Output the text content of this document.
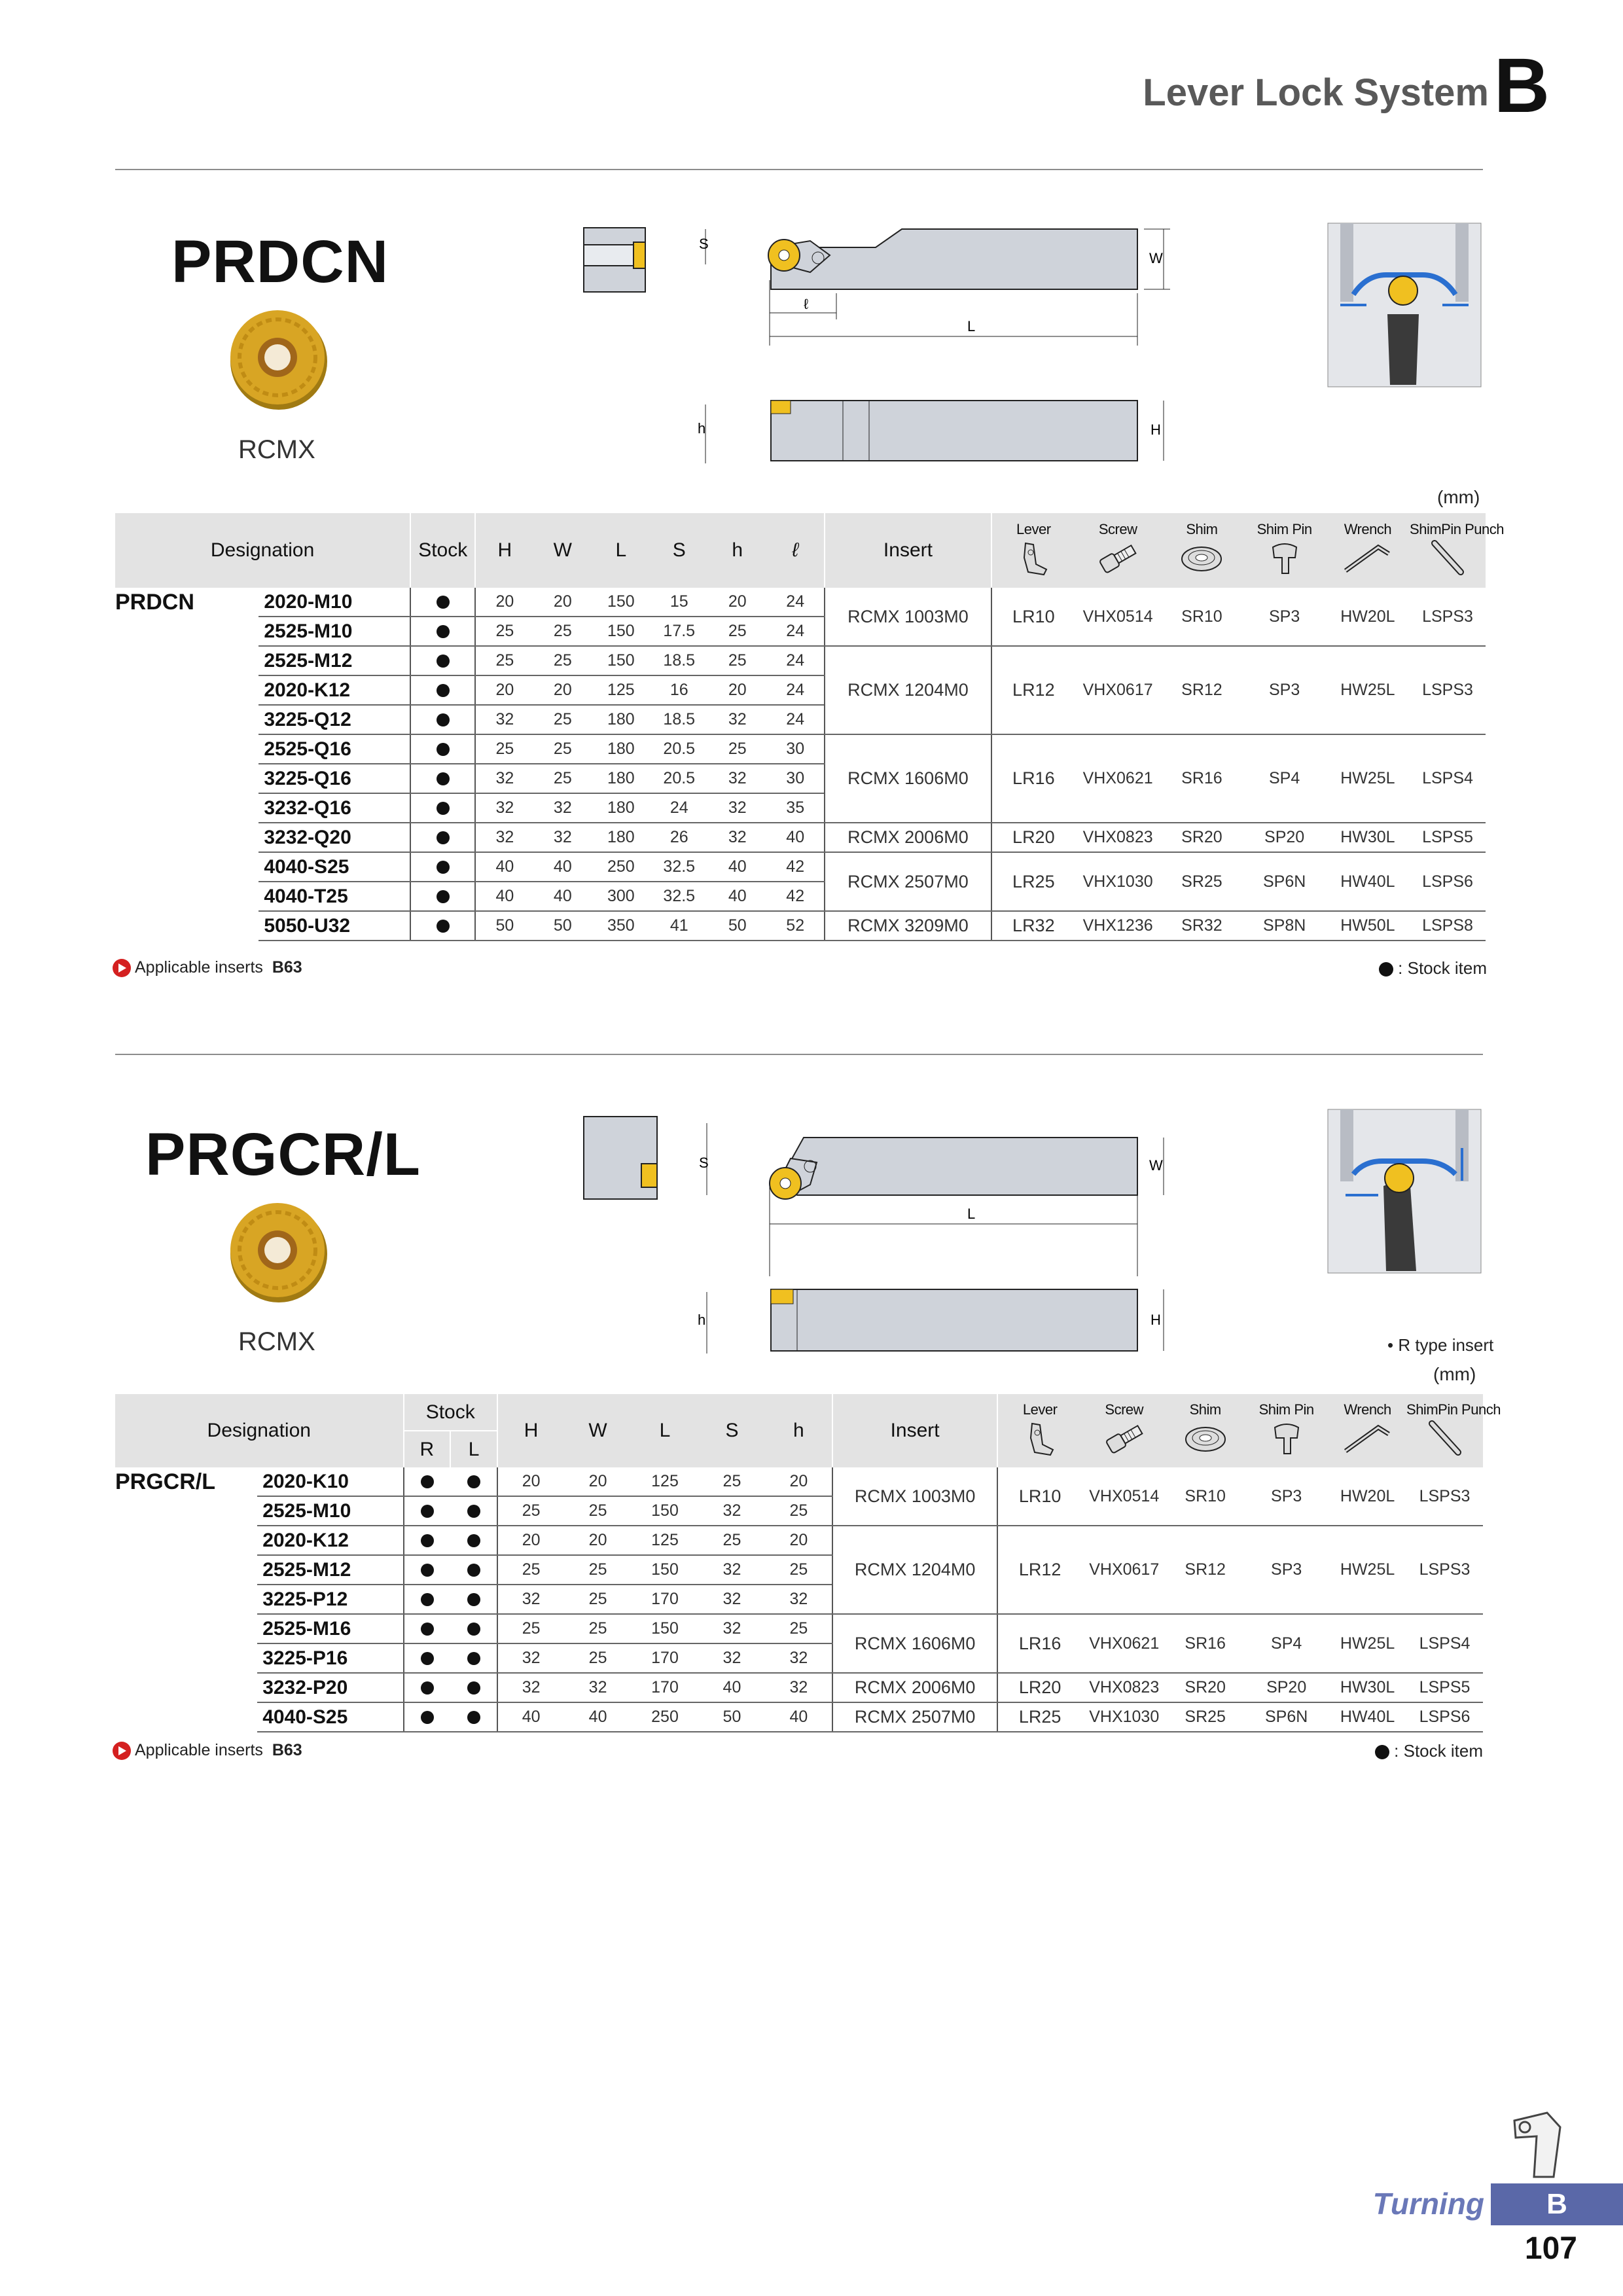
Lever Lock System B
PRDCN
RCMX
S
W
ℓ
L
h	H
(mm)
Designation		Stock	H	W	L	S	h	ℓ	Insert	Lever	Screw	Shim	Shim Pin	Wrench	ShimPin Punch

PRDCN	2020-M10		20	20	150	15	20	24	RCMX 1003M0	LR10	VHX0514	SR10	SP3	HW20L	LSPS3
	2525-M10		25	25	150	17.5	25	24							
	2525-M12		25	25	150	18.5	25	24	RCMX 1204M0	LR12	VHX0617	SR12	SP3	HW25L	LSPS3
	2020-K12		20	20	125	16	20	24							
	3225-Q12		32	25	180	18.5	32	24							
	2525-Q16		25	25	180	20.5	25	30	RCMX 1606M0	LR16	VHX0621	SR16	SP4	HW25L	LSPS4
	3225-Q16		32	25	180	20.5	32	30							
	3232-Q16		32	32	180	24	32	35							
	3232-Q20		32	32	180	26	32	40	RCMX 2006M0	LR20	VHX0823	SR20	SP20	HW30L	LSPS5
	4040-S25		40	40	250	32.5	40	42	RCMX 2507M0	LR25	VHX1030	SR25	SP6N	HW40L	LSPS6
	4040-T25		40	40	300	32.5	40	42							
	5050-U32		50	50	350	41	50	52	RCMX 3209M0	LR32	VHX1236	SR32	SP8N	HW50L	LSPS8
Applicable inserts B63	: Stock item
PRGCR/L
RCMX
S	W
L
h	H
• R type insert
(mm)
Designation		Stock		H	W	L	S	h	Insert	Lever	Screw	Shim	Shim Pin	Wrench	ShimPin Punch

		R	L												
PRGCR/L	2020-K10			20	20	125	25	20	RCMX 1003M0	LR10	VHX0514	SR10	SP3	HW20L	LSPS3
	2525-M10			25	25	150	32	25							
	2020-K12			20	20	125	25	20	RCMX 1204M0	LR12	VHX0617	SR12	SP3	HW25L	LSPS3
	2525-M12			25	25	150	32	25							
	3225-P12			32	25	170	32	32							
	2525-M16			25	25	150	32	25	RCMX 1606M0	LR16	VHX0621	SR16	SP4	HW25L	LSPS4
	3225-P16			32	25	170	32	32							
	3232-P20			32	32	170	40	32	RCMX 2006M0	LR20	VHX0823	SR20	SP20	HW30L	LSPS5
	4040-S25			40	40	250	50	40	RCMX 2507M0	LR25	VHX1030	SR25	SP6N	HW40L	LSPS6
Applicable inserts B63	: Stock item
Turning	B
107
